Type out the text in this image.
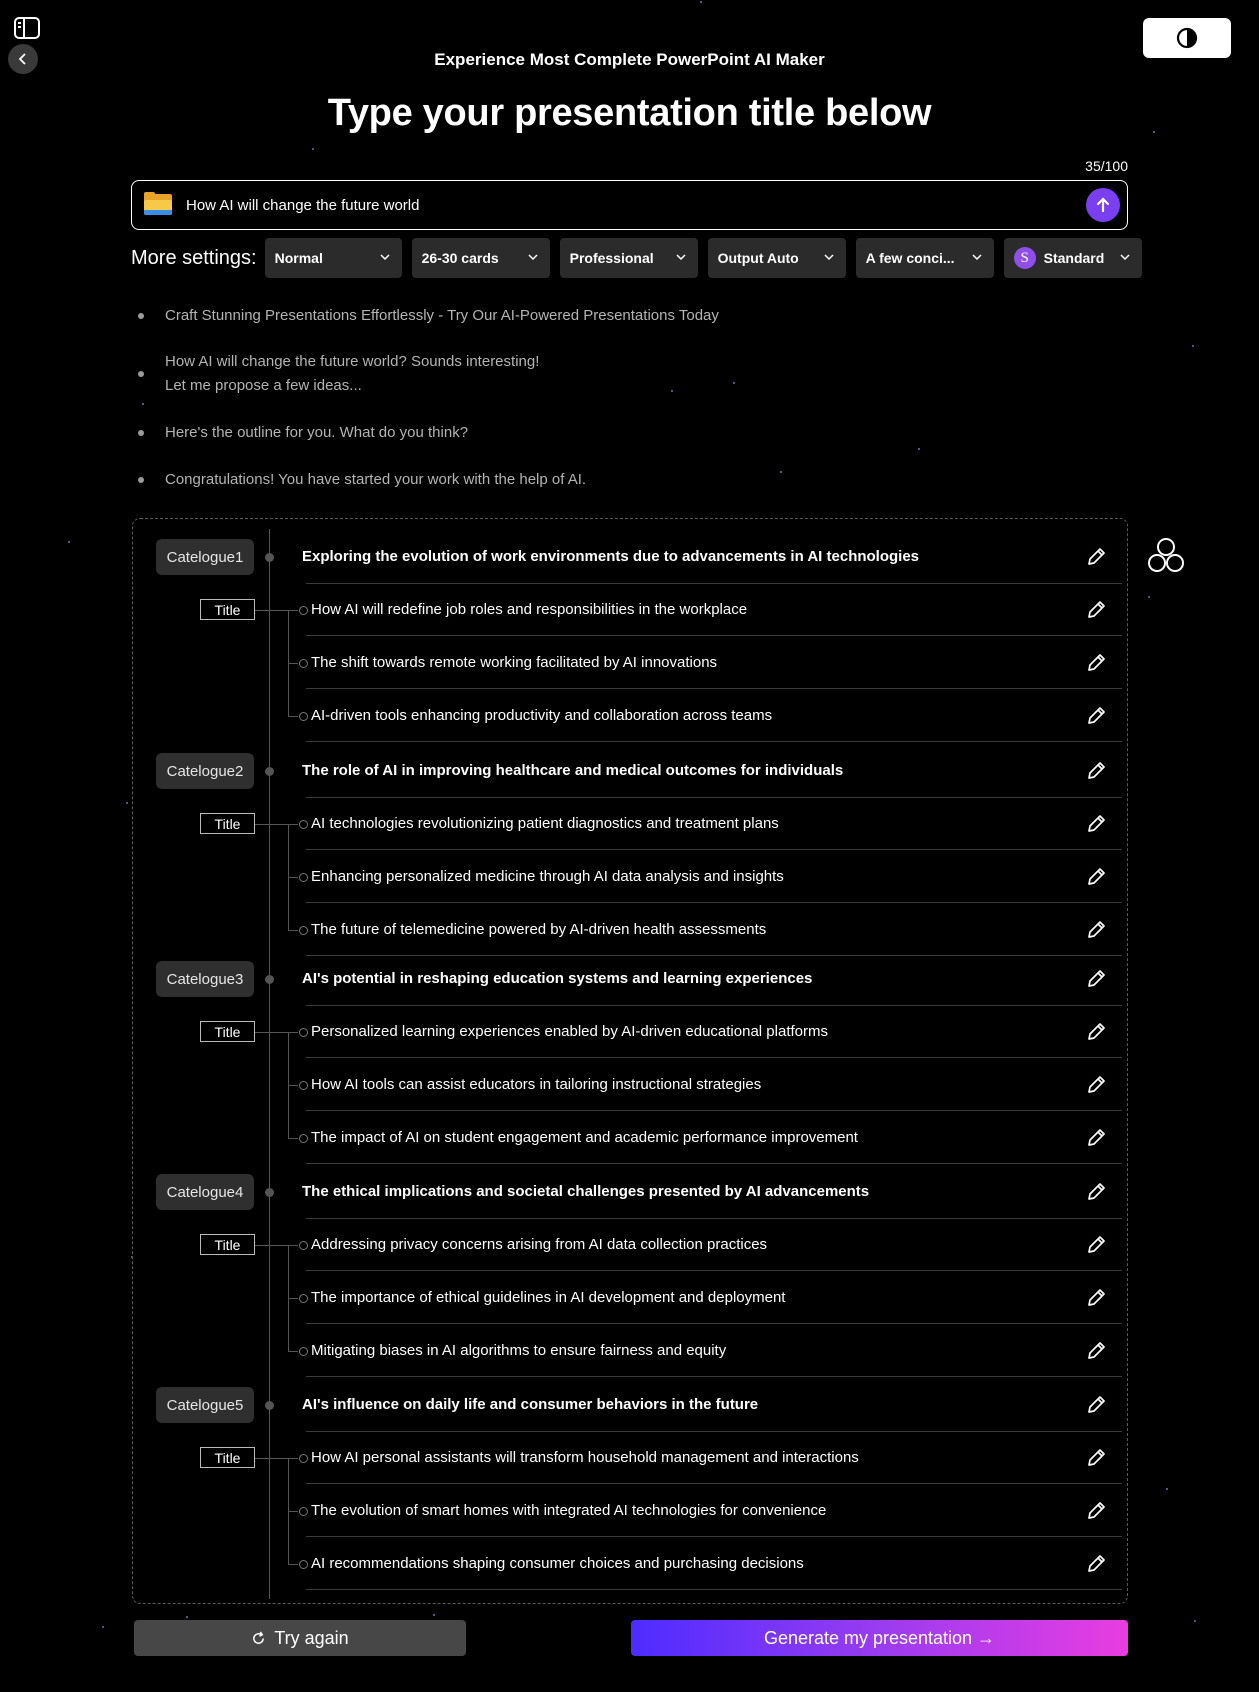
Experience Most Complete PowerPoint AI Maker
Type your presentation title below
35/100
How AI will change the future world
More settings: Normal	26-30 cards	Professional	Output Auto	A few conci...	S	Standard
Craft Stunning Presentations Effortlessly - Try Our AI-Powered Presentations Today
How AI will change the future world? Sounds interesting!
Let me propose a few ideas...
Here's the outline for you. What do you think?
Congratulations! You have started your work with the help of AI.
Catelogue1	Exploring the evolution of work environments due to advancements in AI technologies
Title	How AI will redefine job roles and responsibilities in the workplace
The shift towards remote working facilitated by AI innovations
AI-driven tools enhancing productivity and collaboration across teams
Catelogue2	The role of AI in improving healthcare and medical outcomes for individuals
Title	AI technologies revolutionizing patient diagnostics and treatment plans
Enhancing personalized medicine through AI data analysis and insights
The future of telemedicine powered by AI-driven health assessments
Catelogue3	AI's potential in reshaping education systems and learning experiences
Title	Personalized learning experiences enabled by AI-driven educational platforms
How AI tools can assist educators in tailoring instructional strategies
The impact of AI on student engagement and academic performance improvement
Catelogue4	The ethical implications and societal challenges presented by AI advancements
Title	Addressing privacy concerns arising from AI data collection practices
The importance of ethical guidelines in AI development and deployment
Mitigating biases in AI algorithms to ensure fairness and equity
Catelogue5	AI's influence on daily life and consumer behaviors in the future
Title	How AI personal assistants will transform household management and interactions
The evolution of smart homes with integrated AI technologies for convenience
AI recommendations shaping consumer choices and purchasing decisions
Try again	Generate my presentation →
